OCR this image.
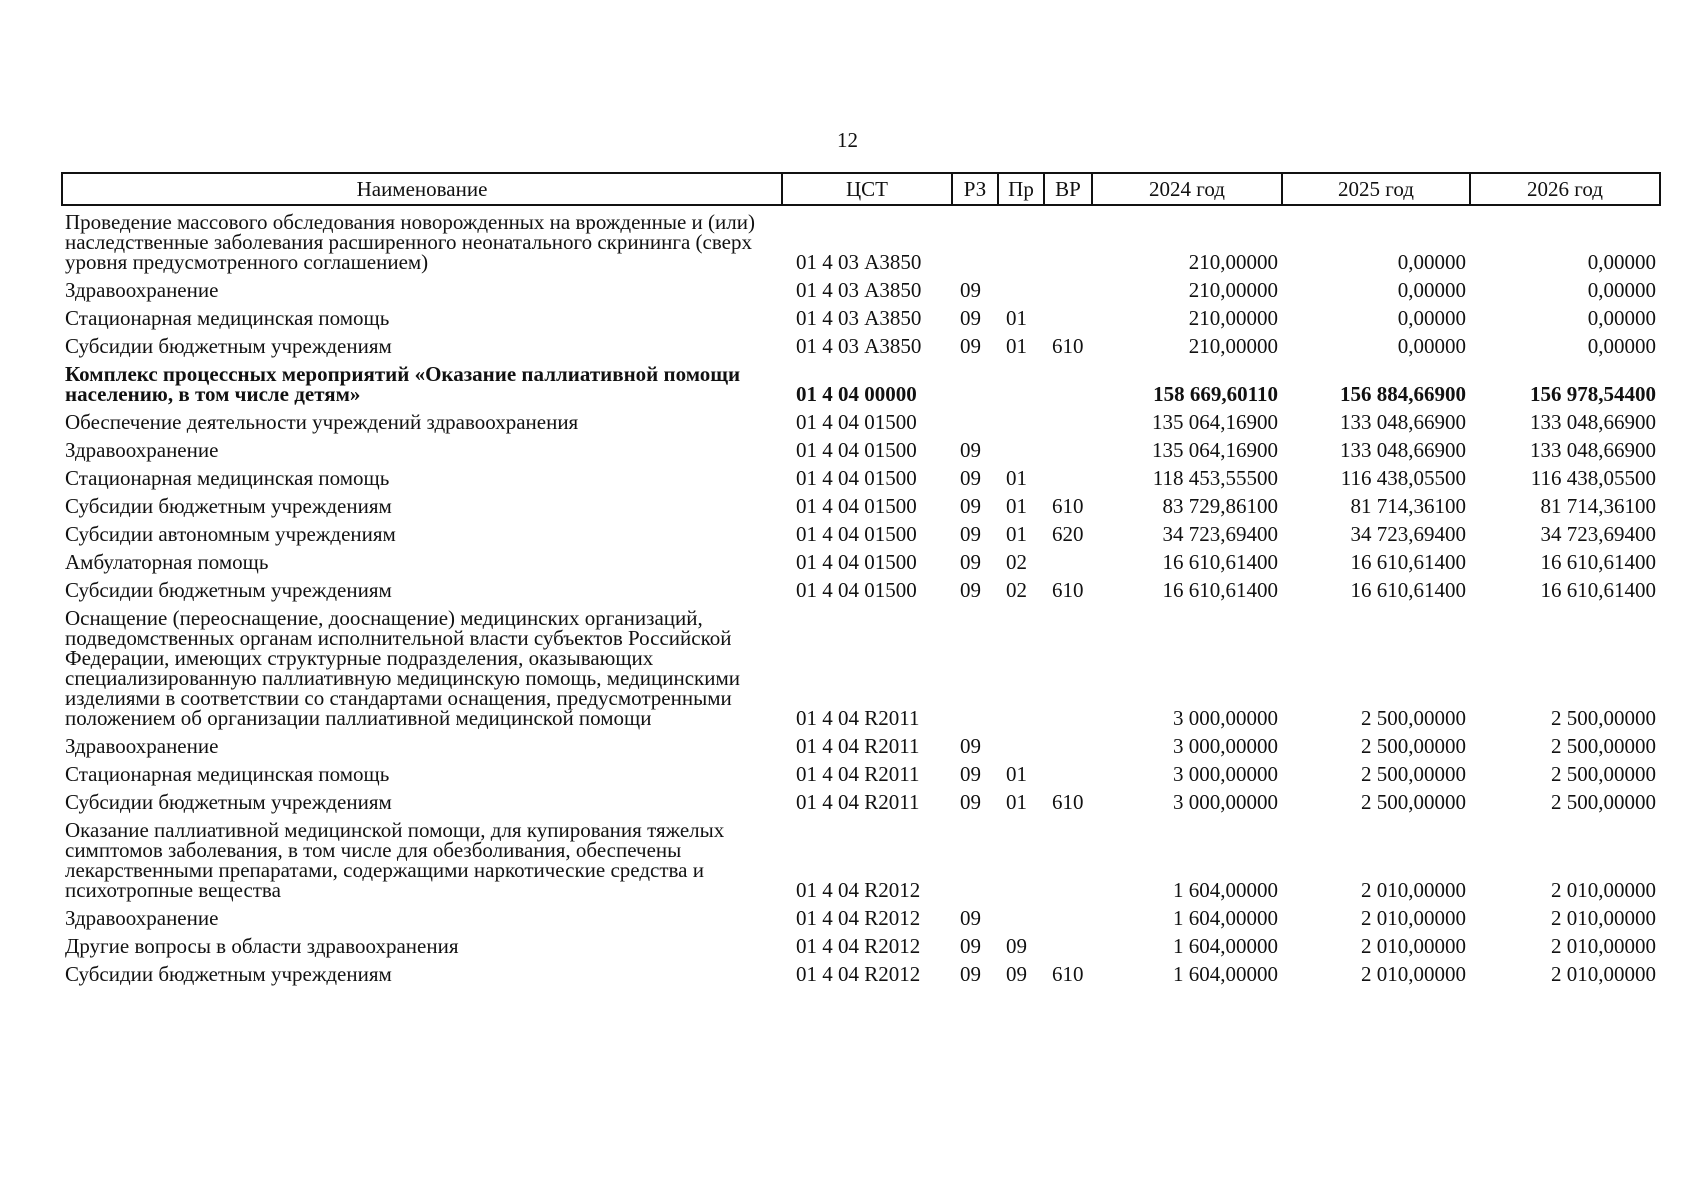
12
Наименование	ЦСТ	РЗ	Пр	ВР	2024 год	2025 год	2026 год
Проведение массового обследования новорожденных на врожденные и (или) наследственные заболевания расширенного неонатального скрининга (сверх уровня предусмотренного соглашением)	01 4 03 А3850				210,00000	0,00000	0,00000
Здравоохранение	01 4 03 А3850	09			210,00000	0,00000	0,00000
Стационарная медицинская помощь	01 4 03 А3850	09	01		210,00000	0,00000	0,00000
Субсидии бюджетным учреждениям	01 4 03 А3850	09	01	610	210,00000	0,00000	0,00000
Комплекс процессных мероприятий «Оказание паллиативной помощи населению, в том числе детям»	01 4 04 00000				158 669,60110	156 884,66900	156 978,54400
Обеспечение деятельности учреждений здравоохранения	01 4 04 01500				135 064,16900	133 048,66900	133 048,66900
Здравоохранение	01 4 04 01500	09			135 064,16900	133 048,66900	133 048,66900
Стационарная медицинская помощь	01 4 04 01500	09	01		118 453,55500	116 438,05500	116 438,05500
Субсидии бюджетным учреждениям	01 4 04 01500	09	01	610	83 729,86100	81 714,36100	81 714,36100
Субсидии автономным учреждениям	01 4 04 01500	09	01	620	34 723,69400	34 723,69400	34 723,69400
Амбулаторная помощь	01 4 04 01500	09	02		16 610,61400	16 610,61400	16 610,61400
Субсидии бюджетным учреждениям	01 4 04 01500	09	02	610	16 610,61400	16 610,61400	16 610,61400
Оснащение (переоснащение, дооснащение) медицинских организаций, подведомственных органам исполнительной власти субъектов Российской Федерации, имеющих структурные подразделения, оказывающих специализированную паллиативную медицинскую помощь, медицинскими изделиями в соответствии со стандартами оснащения, предусмотренными положением об организации паллиативной медицинской помощи	01 4 04 R2011				3 000,00000	2 500,00000	2 500,00000
Здравоохранение	01 4 04 R2011	09			3 000,00000	2 500,00000	2 500,00000
Стационарная медицинская помощь	01 4 04 R2011	09	01		3 000,00000	2 500,00000	2 500,00000
Субсидии бюджетным учреждениям	01 4 04 R2011	09	01	610	3 000,00000	2 500,00000	2 500,00000
Оказание паллиативной медицинской помощи, для купирования тяжелых симптомов заболевания, в том числе для обезболивания, обеспечены лекарственными препаратами, содержащими наркотические средства и психотропные вещества	01 4 04 R2012				1 604,00000	2 010,00000	2 010,00000
Здравоохранение	01 4 04 R2012	09			1 604,00000	2 010,00000	2 010,00000
Другие вопросы в области здравоохранения	01 4 04 R2012	09	09		1 604,00000	2 010,00000	2 010,00000
Субсидии бюджетным учреждениям	01 4 04 R2012	09	09	610	1 604,00000	2 010,00000	2 010,00000
